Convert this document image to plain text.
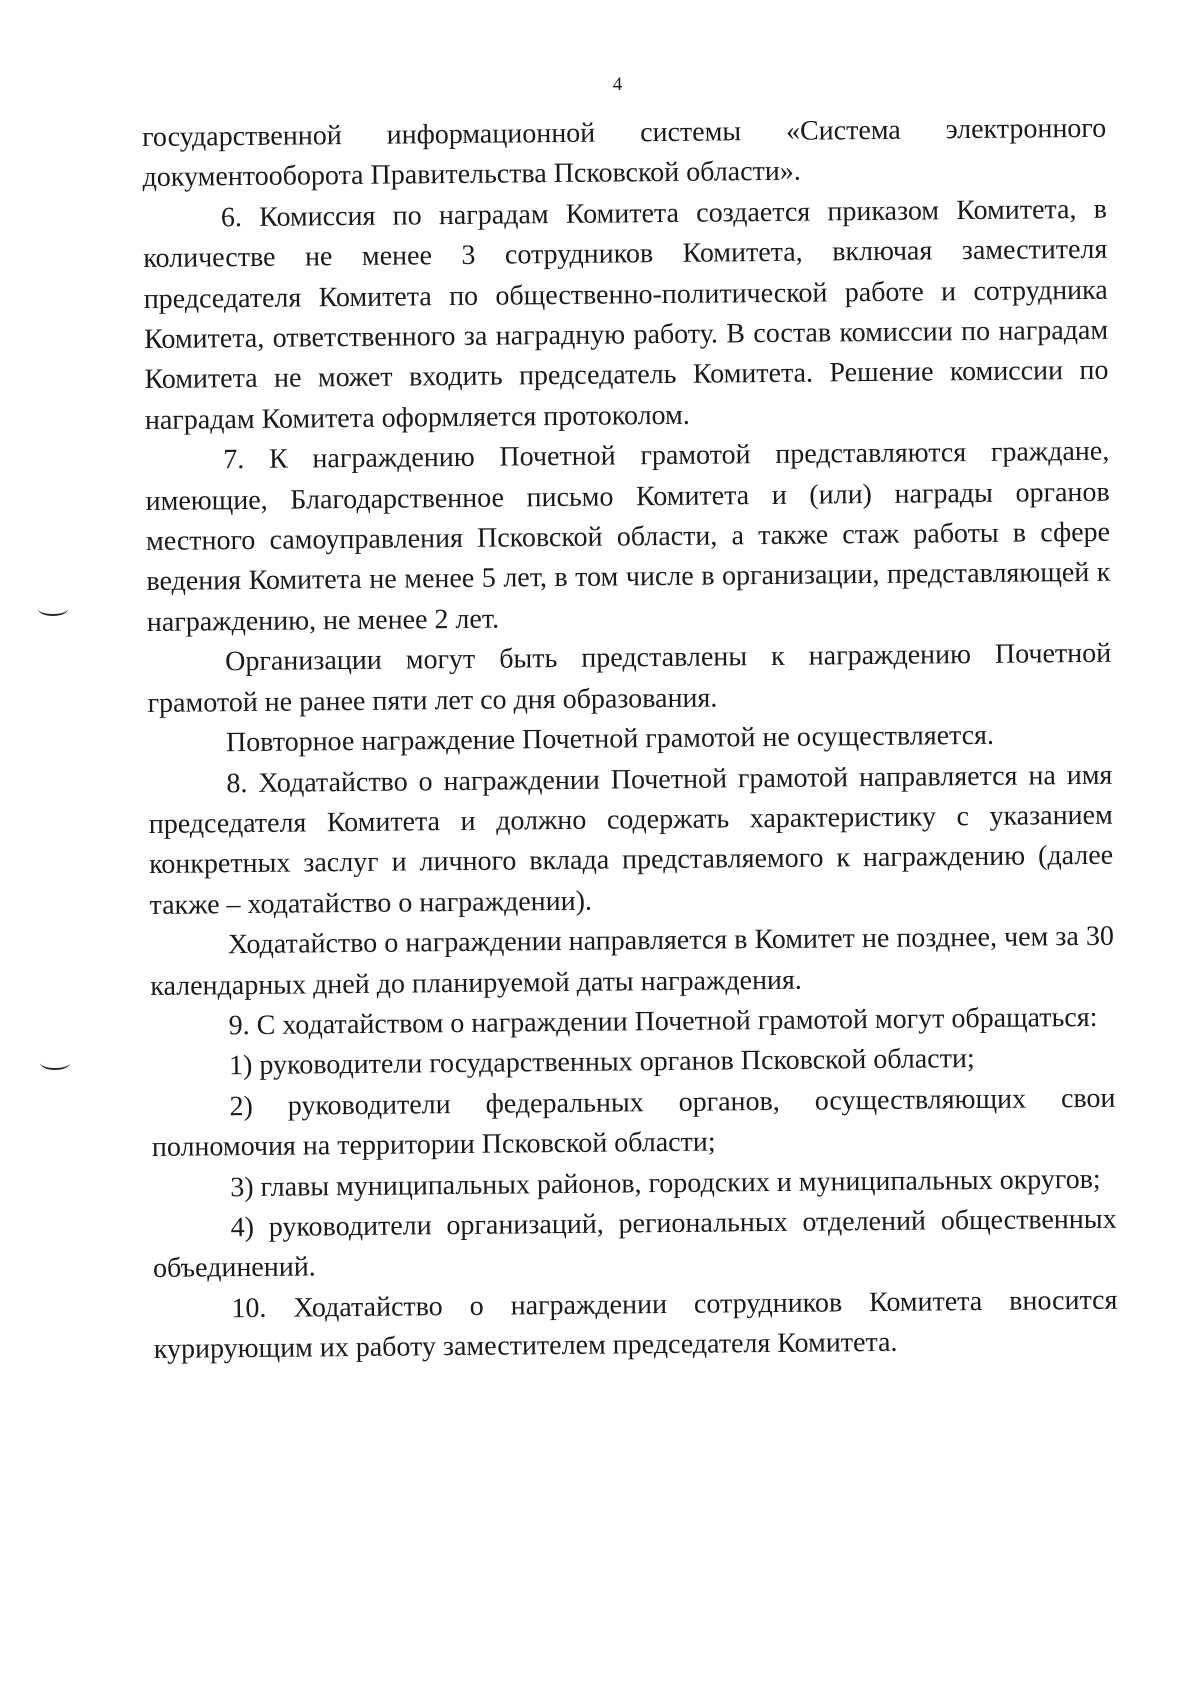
4

государственной информационной системы «Система электронного документооборота Правительства Псковской области».

6. Комиссия по наградам Комитета создается приказом Комитета, в количестве не менее 3 сотрудников Комитета, включая заместителя председателя Комитета по общественно-политической работе и сотрудника Комитета, ответственного за наградную работу. В состав комиссии по наградам Комитета не может входить председатель Комитета. Решение комиссии по наградам Комитета оформляется протоколом.

7. К награждению Почетной грамотой представляются граждане, имеющие, Благодарственное письмо Комитета и (или) награды органов местного самоуправления Псковской области, а также стаж работы в сфере ведения Комитета не менее 5 лет, в том числе в организации, представляющей к награждению, не менее 2 лет.

Организации могут быть представлены к награждению Почетной грамотой не ранее пяти лет со дня образования.

Повторное награждение Почетной грамотой не осуществляется.

8. Ходатайство о награждении Почетной грамотой направляется на имя председателя Комитета и должно содержать характеристику с указанием конкретных заслуг и личного вклада представляемого к награждению (далее также – ходатайство о награждении).

Ходатайство о награждении направляется в Комитет не позднее, чем за 30 календарных дней до планируемой даты награждения.

9. С ходатайством о награждении Почетной грамотой могут обращаться:

1) руководители государственных органов Псковской области;

2) руководители федеральных органов, осуществляющих свои полномочия на территории Псковской области;

3) главы муниципальных районов, городских и муниципальных округов;

4) руководители организаций, региональных отделений общественных объединений.

10. Ходатайство о награждении сотрудников Комитета вносится курирующим их работу заместителем председателя Комитета.
